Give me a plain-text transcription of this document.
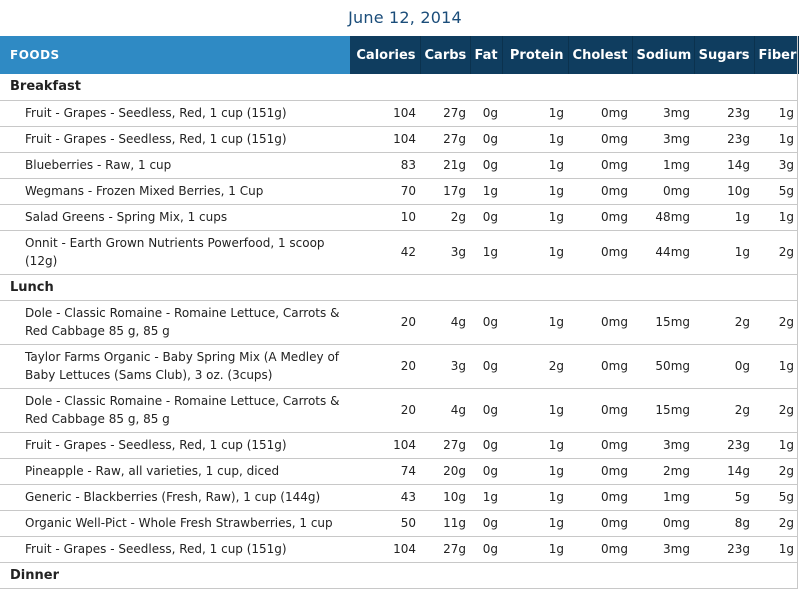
June 12, 2014
FOODS	Calories	Carbs	Fat	Protein	Cholest	Sodium	Sugars	Fiber
Breakfast								
Fruit - Grapes - Seedless, Red, 1 cup (151g)	104	27g	0g	1g	0mg	3mg	23g	1g
Fruit - Grapes - Seedless, Red, 1 cup (151g)	104	27g	0g	1g	0mg	3mg	23g	1g
Blueberries - Raw, 1 cup	83	21g	0g	1g	0mg	1mg	14g	3g
Wegmans - Frozen Mixed Berries, 1 Cup	70	17g	1g	1g	0mg	0mg	10g	5g
Salad Greens - Spring Mix, 1 cups	10	2g	0g	1g	0mg	48mg	1g	1g
Onnit - Earth Grown Nutrients Powerfood, 1 scoop (12g)	42	3g	1g	1g	0mg	44mg	1g	2g
Lunch								
Dole - Classic Romaine - Romaine Lettuce, Carrots & Red Cabbage 85 g, 85 g	20	4g	0g	1g	0mg	15mg	2g	2g
Taylor Farms Organic - Baby Spring Mix (A Medley of Baby Lettuces (Sams Club), 3 oz. (3cups)	20	3g	0g	2g	0mg	50mg	0g	1g
Dole - Classic Romaine - Romaine Lettuce, Carrots & Red Cabbage 85 g, 85 g	20	4g	0g	1g	0mg	15mg	2g	2g
Fruit - Grapes - Seedless, Red, 1 cup (151g)	104	27g	0g	1g	0mg	3mg	23g	1g
Pineapple - Raw, all varieties, 1 cup, diced	74	20g	0g	1g	0mg	2mg	14g	2g
Generic - Blackberries (Fresh, Raw), 1 cup (144g)	43	10g	1g	1g	0mg	1mg	5g	5g
Organic Well-Pict - Whole Fresh Strawberries, 1 cup	50	11g	0g	1g	0mg	0mg	8g	2g
Fruit - Grapes - Seedless, Red, 1 cup (151g)	104	27g	0g	1g	0mg	3mg	23g	1g
Dinner								
